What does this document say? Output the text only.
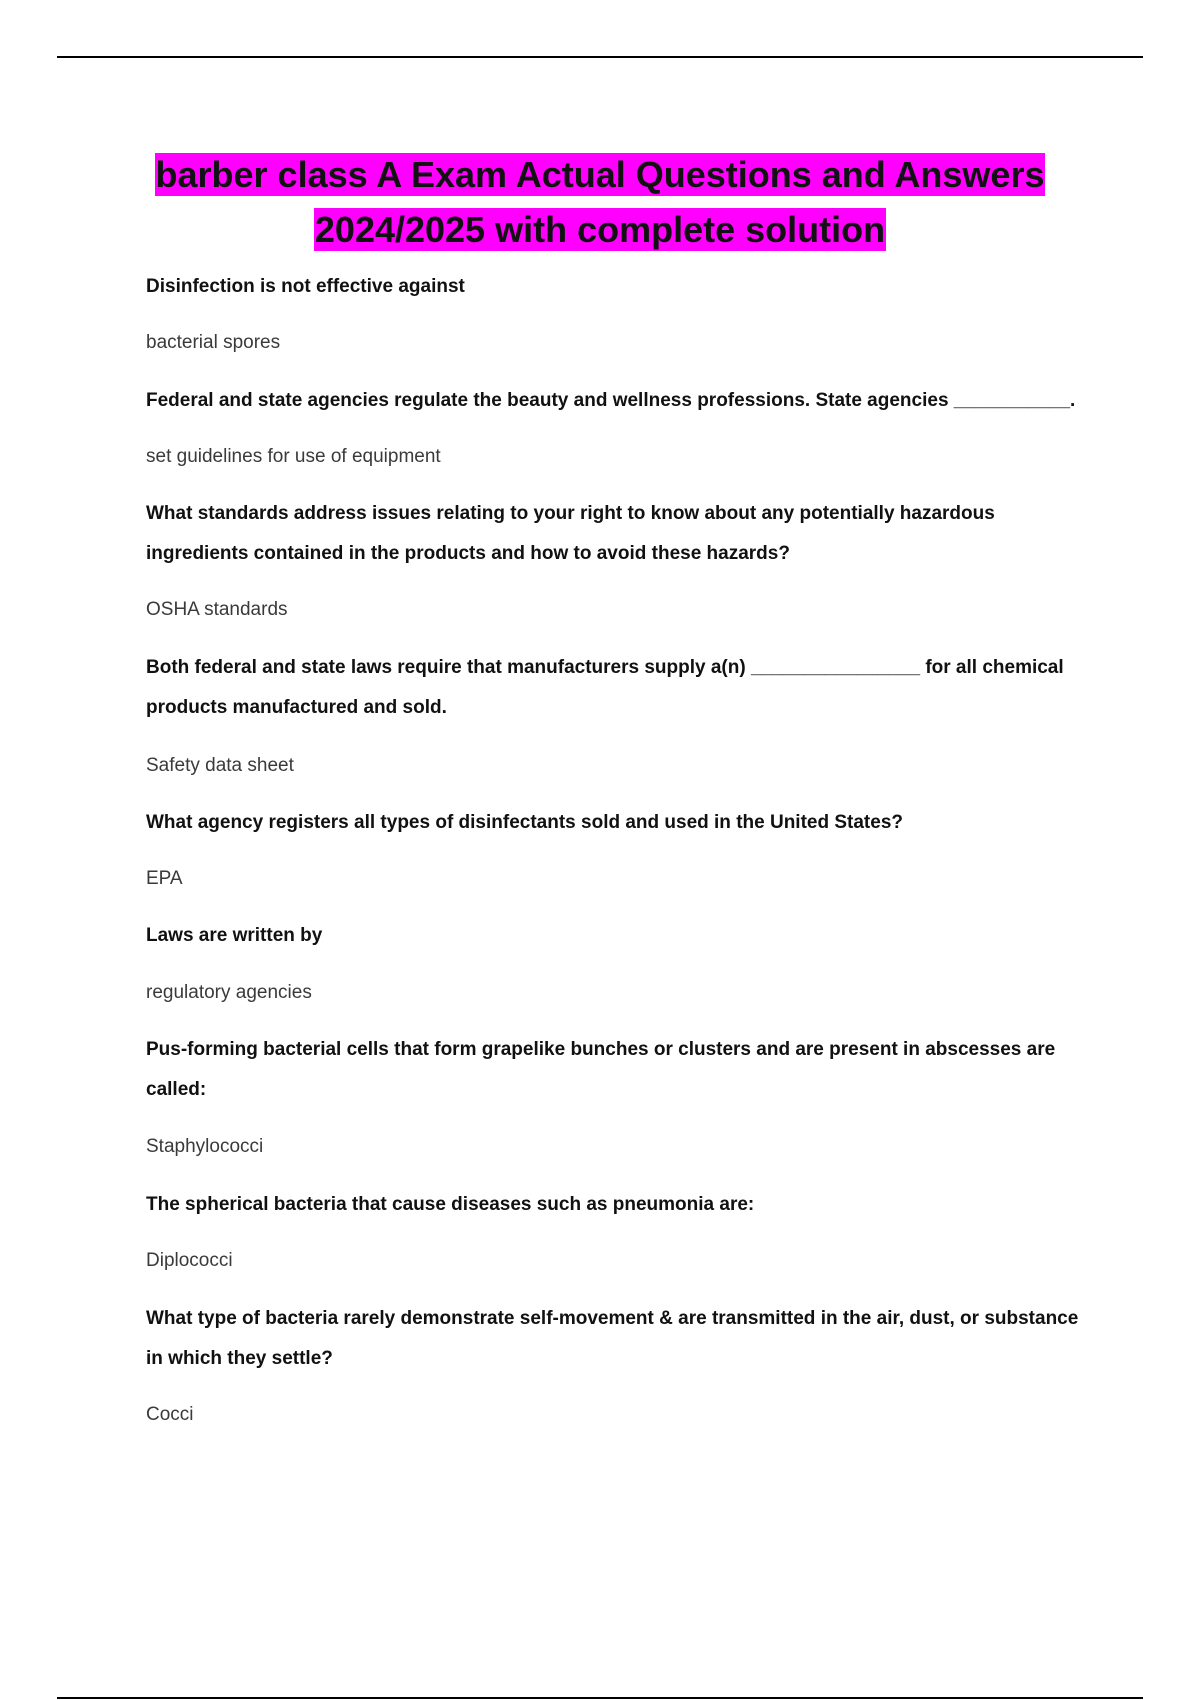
barber class A Exam Actual Questions and Answers
2024/2025 with complete solution

Disinfection is not effective against

bacterial spores

Federal and state agencies regulate the beauty and wellness professions. State agencies ___________.

set guidelines for use of equipment

What standards address issues relating to your right to know about any potentially hazardous ingredients contained in the products and how to avoid these hazards?

OSHA standards

Both federal and state laws require that manufacturers supply a(n) ________________ for all chemical products manufactured and sold.

Safety data sheet

What agency registers all types of disinfectants sold and used in the United States?

EPA

Laws are written by

regulatory agencies

Pus-forming bacterial cells that form grapelike bunches or clusters and are present in abscesses are called:

Staphylococci

The spherical bacteria that cause diseases such as pneumonia are:

Diplococci

What type of bacteria rarely demonstrate self-movement & are transmitted in the air, dust, or substance in which they settle?

Cocci
